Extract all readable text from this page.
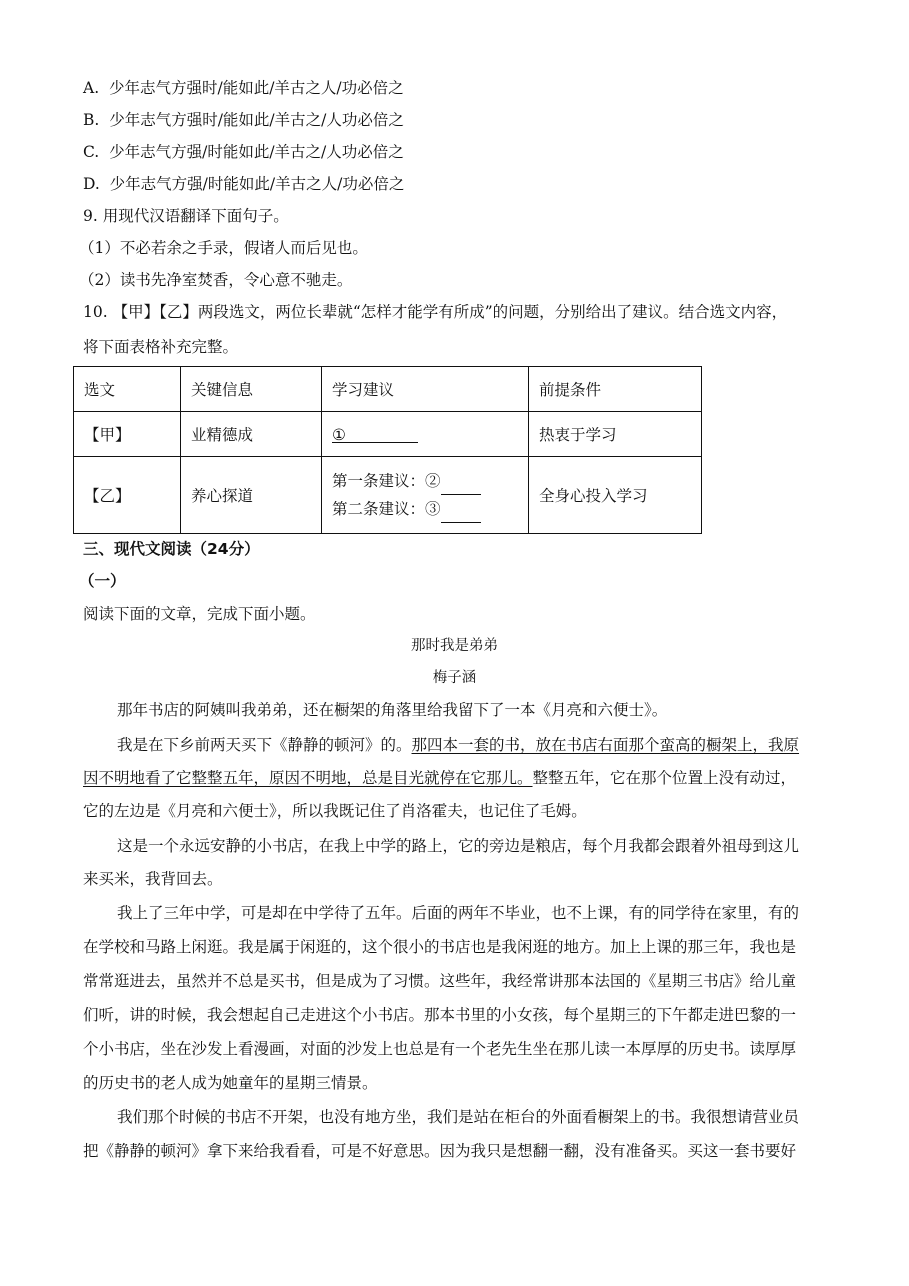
A. 少年志气方强时/能如此/羊古之人/功必倍之
B. 少年志气方强时/能如此/羊古之/人功必倍之
C. 少年志气方强/时能如此/羊古之/人功必倍之
D. 少年志气方强/时能如此/羊古之人/功必倍之
9. 用现代汉语翻译下面句子。
（1）不必若余之手录，假诸人而后见也。
（2）读书先净室焚香，令心意不驰走。
10. 【甲】【乙】两段选文，两位长辈就“怎样才能学有所成”的问题，分别给出了建议。结合选文内容，
将下面表格补充完整。
选文	关键信息	学习建议	前提条件
【甲】	业精德成	①	热衷于学习
【乙】	养心探道	第一条建议：②
第二条建议：③	全身心投入学习
三、现代文阅读（24分）
（一）
阅读下面的文章，完成下面小题。
那时我是弟弟
梅子涵
那年书店的阿姨叫我弟弟，还在橱架的角落里给我留下了一本《月亮和六便士》。
我是在下乡前两天买下《静静的顿河》的。那四本一套的书，放在书店右面那个蛮高的橱架上，我原
因不明地看了它整整五年，原因不明地，总是目光就停在它那儿。整整五年，它在那个位置上没有动过，
它的左边是《月亮和六便士》，所以我既记住了肖洛霍夫，也记住了毛姆。
这是一个永远安静的小书店，在我上中学的路上，它的旁边是粮店，每个月我都会跟着外祖母到这儿
来买米，我背回去。
我上了三年中学，可是却在中学待了五年。后面的两年不毕业，也不上课，有的同学待在家里，有的
在学校和马路上闲逛。我是属于闲逛的，这个很小的书店也是我闲逛的地方。加上上课的那三年，我也是
常常逛进去，虽然并不总是买书，但是成为了习惯。这些年，我经常讲那本法国的《星期三书店》给儿童
们听，讲的时候，我会想起自己走进这个小书店。那本书里的小女孩，每个星期三的下午都走进巴黎的一
个小书店，坐在沙发上看漫画，对面的沙发上也总是有一个老先生坐在那儿读一本厚厚的历史书。读厚厚
的历史书的老人成为她童年的星期三情景。
我们那个时候的书店不开架，也没有地方坐，我们是站在柜台的外面看橱架上的书。我很想请营业员
把《静静的顿河》拿下来给我看看，可是不好意思。因为我只是想翻一翻，没有准备买。买这一套书要好
